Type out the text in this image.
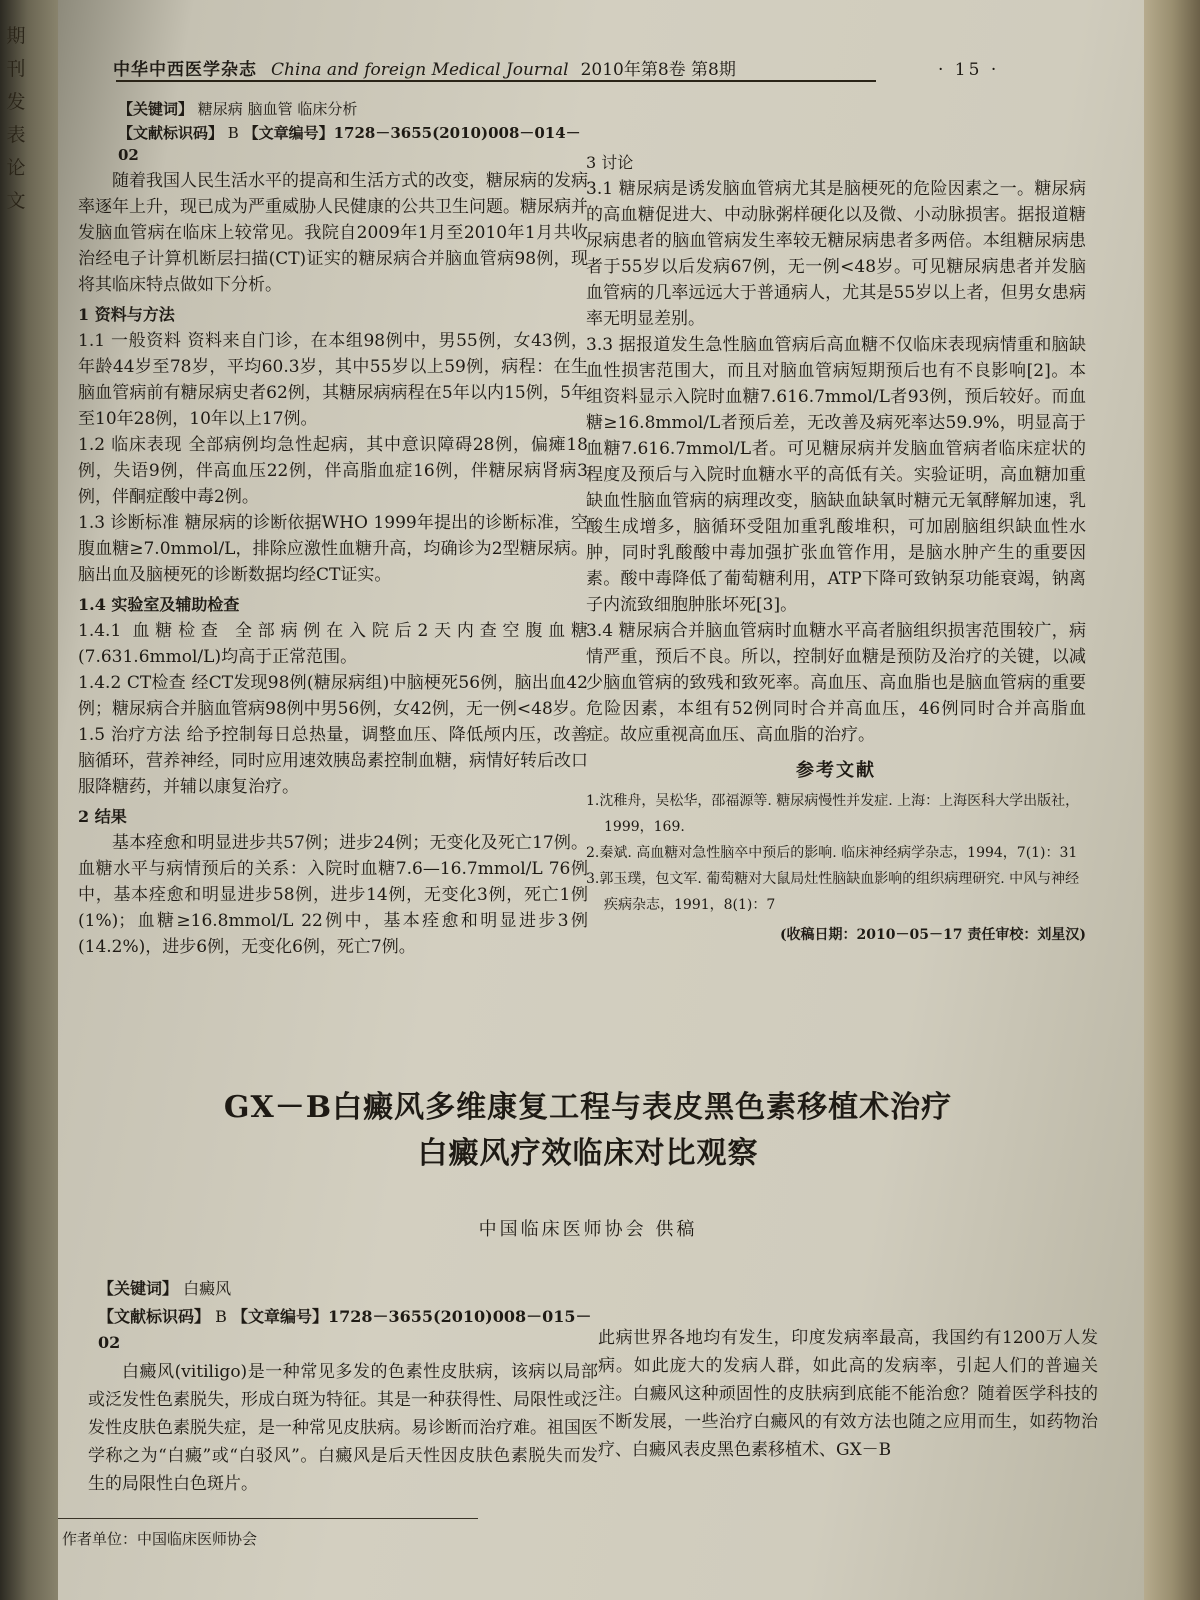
期刊发表论文
中华中西医学杂志 China and foreign Medical Journal 2010年第8卷 第8期	· 15 ·

【关键词】 糖尿病 脑血管 临床分析

【文献标识码】 B 【文章编号】1728－3655(2010)008－014－02

随着我国人民生活水平的提高和生活方式的改变，糖尿病的发病率逐年上升，现已成为严重威胁人民健康的公共卫生问题。糖尿病并发脑血管病在临床上较常见。我院自2009年1月至2010年1月共收治经电子计算机断层扫描(CT)证实的糖尿病合并脑血管病98例，现将其临床特点做如下分析。

1 资料与方法

1.1 一般资料 资料来自门诊，在本组98例中，男55例，女43例，年龄44岁至78岁，平均60.3岁，其中55岁以上59例，病程：在生脑血管病前有糖尿病史者62例，其糖尿病病程在5年以内15例，5年至10年28例，10年以上17例。

1.2 临床表现 全部病例均急性起病，其中意识障碍28例，偏瘫18例，失语9例，伴高血压22例，伴高脂血症16例，伴糖尿病肾病3例，伴酮症酸中毒2例。

1.3 诊断标准 糖尿病的诊断依据WHO 1999年提出的诊断标准，空腹血糖≥7.0mmol/L，排除应激性血糖升高，均确诊为2型糖尿病。脑出血及脑梗死的诊断数据均经CT证实。

1.4 实验室及辅助检查

1.4.1 血糖检查 全部病例在入院后2天内查空腹血糖(7.631.6mmol/L)均高于正常范围。

1.4.2 CT检查 经CT发现98例(糖尿病组)中脑梗死56例，脑出血42例；糖尿病合并脑血管病98例中男56例，女42例，无一例<48岁。

1.5 治疗方法 给予控制每日总热量，调整血压、降低颅内压，改善脑循环，营养神经，同时应用速效胰岛素控制血糖，病情好转后改口服降糖药，并辅以康复治疗。

2 结果

基本痊愈和明显进步共57例；进步24例；无变化及死亡17例。血糖水平与病情预后的关系：入院时血糖7.6—16.7mmol/L 76例中，基本痊愈和明显进步58例，进步14例，无变化3例，死亡1例(1%)；血糖≥16.8mmol/L 22例中，基本痊愈和明显进步3例(14.2%)，进步6例，无变化6例，死亡7例。

3 讨论

3.1 糖尿病是诱发脑血管病尤其是脑梗死的危险因素之一。糖尿病的高血糖促进大、中动脉粥样硬化以及微、小动脉损害。据报道糖尿病患者的脑血管病发生率较无糖尿病患者多两倍。本组糖尿病患者于55岁以后发病67例，无一例<48岁。可见糖尿病患者并发脑血管病的几率远远大于普通病人，尤其是55岁以上者，但男女患病率无明显差别。

3.3 据报道发生急性脑血管病后高血糖不仅临床表现病情重和脑缺血性损害范围大，而且对脑血管病短期预后也有不良影响[2]。本组资料显示入院时血糖7.616.7mmol/L者93例，预后较好。而血糖≥16.8mmol/L者预后差，无改善及病死率达59.9%，明显高于血糖7.616.7mmol/L者。可见糖尿病并发脑血管病者临床症状的程度及预后与入院时血糖水平的高低有关。实验证明，高血糖加重缺血性脑血管病的病理改变，脑缺血缺氧时糖元无氧酵解加速，乳酸生成增多，脑循环受阻加重乳酸堆积，可加剧脑组织缺血性水肿，同时乳酸酸中毒加强扩张血管作用，是脑水肿产生的重要因素。酸中毒降低了葡萄糖利用，ATP下降可致钠泵功能衰竭，钠离子内流致细胞肿胀坏死[3]。

3.4 糖尿病合并脑血管病时血糖水平高者脑组织损害范围较广，病情严重，预后不良。所以，控制好血糖是预防及治疗的关键，以减少脑血管病的致残和致死率。高血压、高血脂也是脑血管病的重要危险因素，本组有52例同时合并高血压，46例同时合并高脂血症。故应重视高血压、高血脂的治疗。

参考文献

1.沈稚舟，吴松华，邵福源等. 糖尿病慢性并发症. 上海：上海医科大学出版社，1999，169.

2.秦斌. 高血糖对急性脑卒中预后的影响. 临床神经病学杂志，1994，7(1)：31

3.郭玉璞，包文军. 葡萄糖对大鼠局灶性脑缺血影响的组织病理研究. 中风与神经疾病杂志，1991，8(1)：7

(收稿日期：2010－05－17 责任审校：刘星汉)

GX－B白癜风多维康复工程与表皮黑色素移植术治疗
白癜风疗效临床对比观察
中国临床医师协会 供稿

【关键词】 白癜风

【文献标识码】 B 【文章编号】1728－3655(2010)008－015－02

白癜风(vitiligo)是一种常见多发的色素性皮肤病，该病以局部或泛发性色素脱失，形成白斑为特征。其是一种获得性、局限性或泛发性皮肤色素脱失症，是一种常见皮肤病。易诊断而治疗难。祖国医学称之为“白癜”或“白驳风”。白癜风是后天性因皮肤色素脱失而发生的局限性白色斑片。

此病世界各地均有发生，印度发病率最高，我国约有1200万人发病。如此庞大的发病人群，如此高的发病率，引起人们的普遍关注。白癜风这种顽固性的皮肤病到底能不能治愈？随着医学科技的不断发展，一些治疗白癜风的有效方法也随之应用而生，如药物治疗、白癜风表皮黑色素移植术、GX－B

作者单位：中国临床医师协会
